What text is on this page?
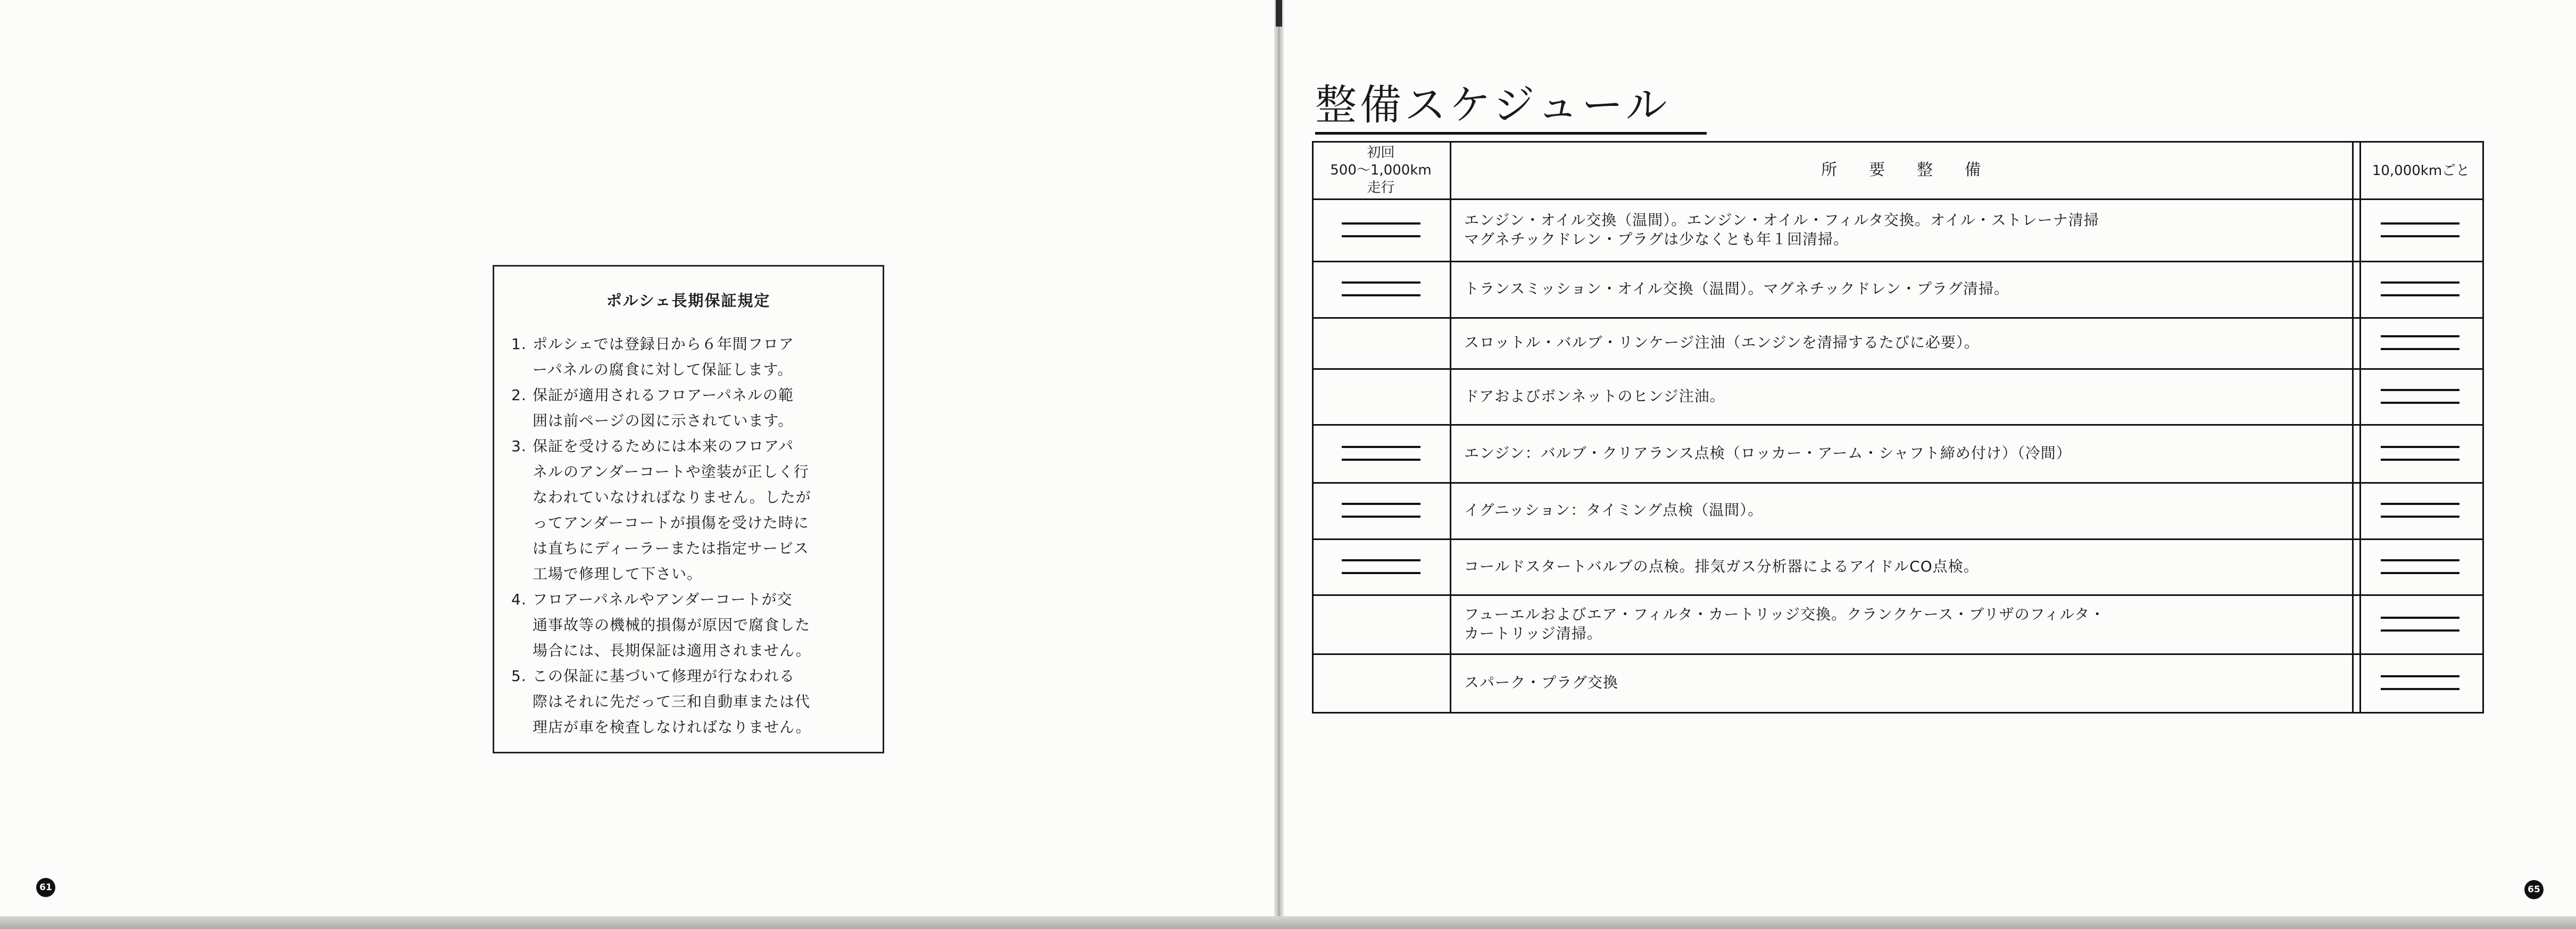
ポルシェ長期保証規定
1. ポルシェでは登録日から６年間フロア
ーパネルの腐食に対して保証します。
2. 保証が適用されるフロアーパネルの範
囲は前ページの図に示されています。
3. 保証を受けるためには本来のフロアパ
ネルのアンダーコートや塗装が正しく行
なわれていなければなりません。したが
ってアンダーコートが損傷を受けた時に
は直ちにディーラーまたは指定サービス
工場で修理して下さい。
4. フロアーパネルやアンダーコートが交
通事故等の機械的損傷が原因で腐食した
場合には、長期保証は適用されません。
5. この保証に基づいて修理が行なわれる
際はそれに先だって三和自動車または代
理店が車を検査しなければなりません。
61
整備スケジュール
初回
500～1,000km
走行
所　　要　　整　　備	10,000kmごと
エンジン・オイル交換（温間）。エンジン・オイル・フィルタ交換。オイル・ストレーナ清掃
マグネチックドレン・プラグは少なくとも年１回清掃。
トランスミッション・オイル交換（温間）。マグネチックドレン・プラグ清掃。
スロットル・バルブ・リンケージ注油（エンジンを清掃するたびに必要）。
ドアおよびボンネットのヒンジ注油。
エンジン：バルブ・クリアランス点検（ロッカー・アーム・シャフト締め付け）（冷間）
イグニッション：タイミング点検（温間）。
コールドスタートバルブの点検。排気ガス分析器によるアイドルCO点検。
フューエルおよびエア・フィルタ・カートリッジ交換。クランクケース・ブリザのフィルタ・
カートリッジ清掃。
スパーク・プラグ交換
65
